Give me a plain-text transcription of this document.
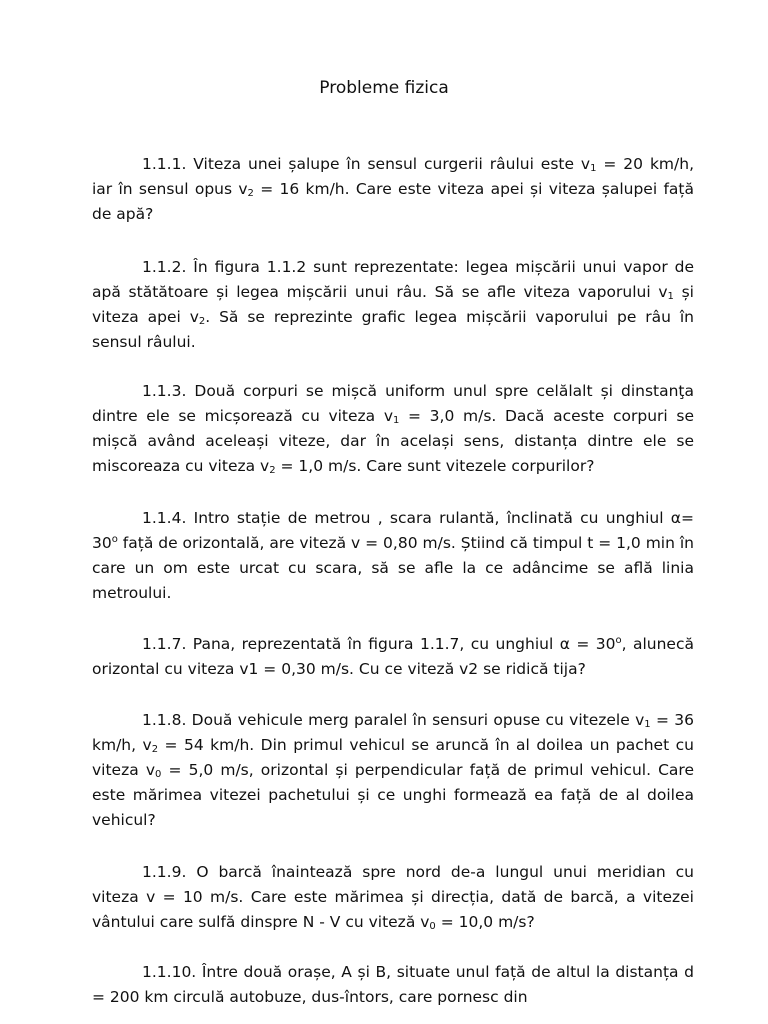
Probleme fizica

1.1.1. Viteza unei șalupe în sensul curgerii râului este $v_1 = 20$ km/h, iar în sensul opus $v_2 = 16$ km/h. Care este viteza apei și viteza șalupei față de apă?

1.1.2. În figura 1.1.2 sunt reprezentate: legea mișcării unui vapor de apă stătătoare și legea mișcării unui râu. Să se afle viteza vaporului $v_1$ și viteza apei $v_2$. Să se reprezinte grafic legea mișcării vaporului pe râu în sensul râului.

1.1.3. Două corpuri se mișcă uniform unul spre celălalt și dinstanţa dintre ele se micșorează cu viteza $v_1 = 3,0$ m/s. Dacă aceste corpuri se mișcă având aceleași viteze, dar în același sens, distanța dintre ele se miscoreaza cu viteza $v_2 = 1,0$ m/s. Care sunt vitezele corpurilor?

1.1.4. Intro stație de metrou , scara rulantă, înclinată cu unghiul $\alpha= 30^o$ față de orizontală, are viteză v = 0,80 m/s. Știind că timpul t = 1,0 min în care un om este urcat cu scara, să se afle la ce adâncime se află linia metroului.

1.1.7. Pana, reprezentată în figura 1.1.7, cu unghiul $\alpha = 30^o$, alunecă orizontal cu viteza v1 = 0,30 m/s. Cu ce viteză v2 se ridică tija?

1.1.8. Două vehicule merg paralel în sensuri opuse cu vitezele $v_1 = 36$ km/h, $v_2 = 54$ km/h. Din primul vehicul se aruncă în al doilea un pachet cu viteza $v_0 = 5,0$ m/s, orizontal și perpendicular față de primul vehicul. Care este mărimea vitezei pachetului și ce unghi formează ea față de al doilea vehicul?

1.1.9. O barcă înaintează spre nord de-a lungul unui meridian cu viteza v = 10 m/s. Care este mărimea și direcția, dată de barcă, a vitezei vântului care sulfă dinspre N - V cu viteză $v_0 = 10,0$ m/s?

1.1.10. Între două orașe, A și B, situate unul față de altul la distanța d = 200 km circulă autobuze, dus-întors, care pornesc din
